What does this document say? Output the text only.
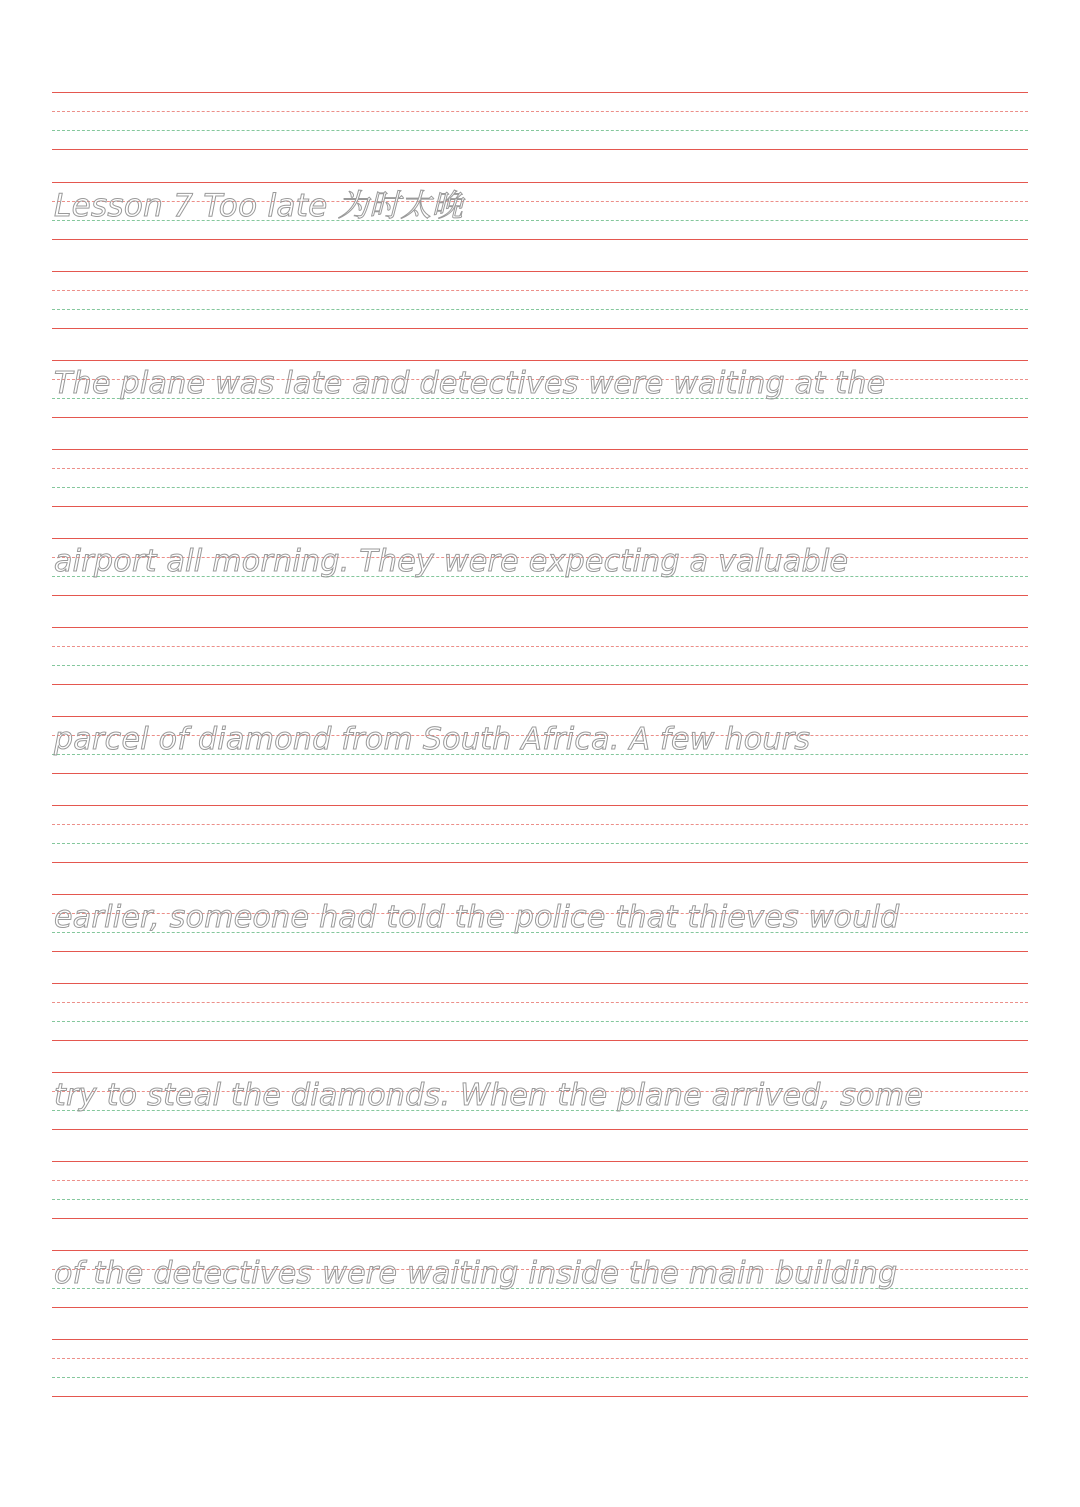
Lesson 7 Too late 为时太晚
The plane was late and detectives were waiting at the
airport all morning. They were expecting a valuable
parcel of diamond from South Africa. A few hours
earlier, someone had told the police that thieves would
try to steal the diamonds. When the plane arrived, some
of the detectives were waiting inside the main building
